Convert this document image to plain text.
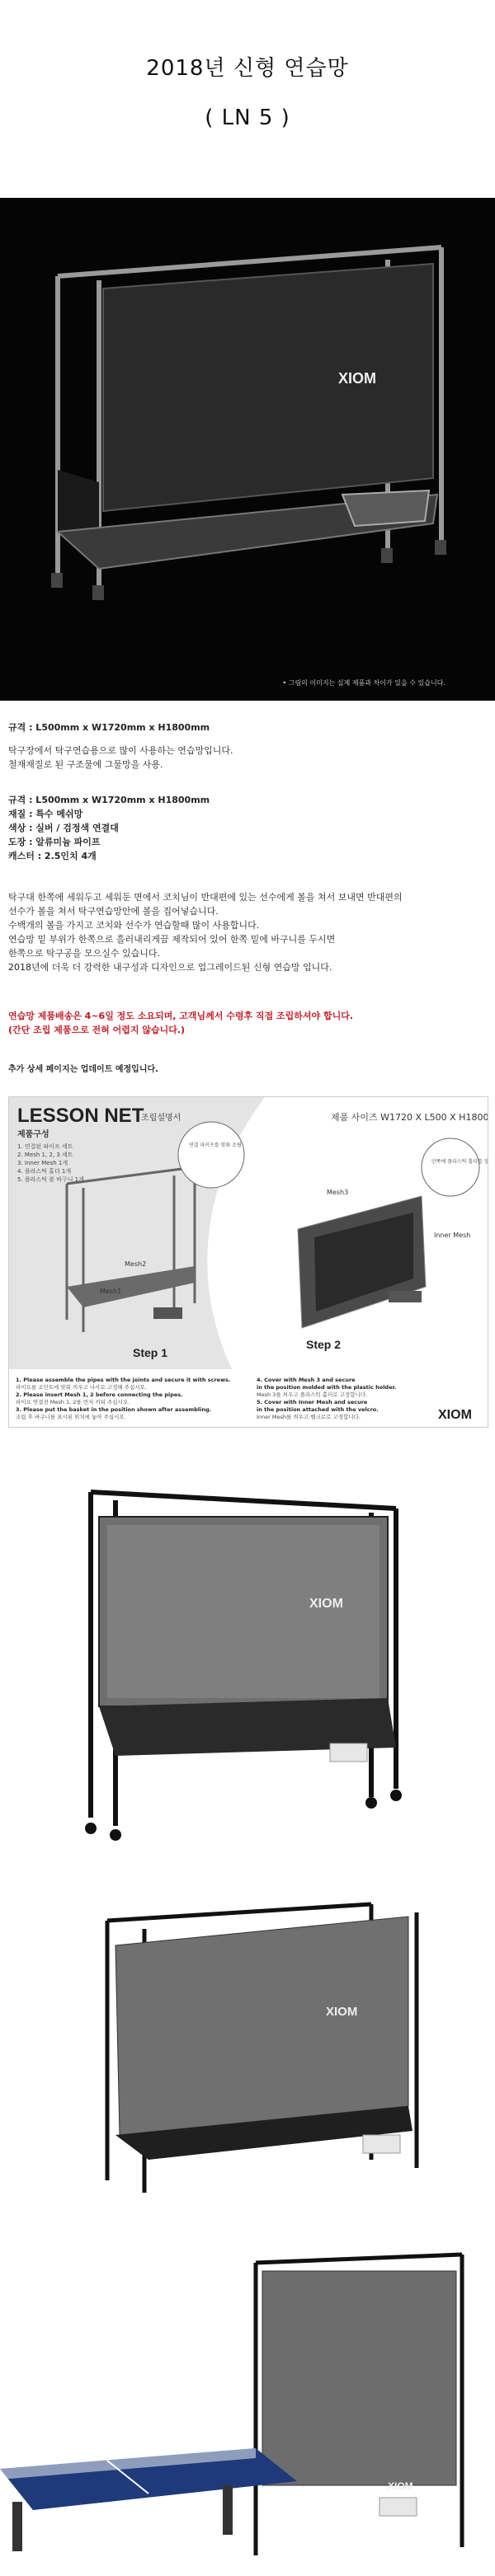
2018년 신형 연습망
( LN 5 )
XIOM
• 그림의 이미지는 실제 제품과 차이가 있을 수 있습니다.
규격 : L500mm x W1720mm x H1800mm
탁구장에서 탁구연습용으로 많이 사용하는 연습망입니다.
철재재질로 된 구조물에 그물망을 사용.
규격 : L500mm x W1720mm x H1800mm
재질 : 특수 메쉬망
색상 : 실버 / 검정색 연결대
도장 : 알류미늄 파이프
캐스터 : 2.5인치 4개
탁구대 한쪽에 세워두고 세워둔 면에서 코치님이 반대편에 있는 선수에게 볼을 쳐서 보내면 반대편의
선수가 볼을 쳐서 탁구연습망안에 볼을 집어넣습니다.
수백개의 볼을 가지고 코치와 선수가 연습할때 많이 사용합니다.
연습망 밑 부위가 한쪽으로 흘러내리게끔 제작되어 있어 한쪽 밑에 바구니를 두시면
한쪽으로 탁구공을 모으실수 있습니다.
2018년에 더욱 더 강력한 내구성과 디자인으로 업그레이드된 신형 연습망 입니다.
연습망 제품배송은 4~6일 정도 소요되며, 고객님께서 수령후 직접 조립하셔야 합니다.
(간단 조립 제품으로 전혀 어렵지 않습니다.)
추가 상세 페이지는 업데이트 예정입니다.
LESSON NET
조립설명서	제품 사이즈 W1720 X L500 X H1800
제품구성
1. 연결된 파이프 세트
2. Mesh 1, 2, 3 세트
3. Inner Mesh 1개
4. 플라스틱 홀더 1개
5. 플라스틱 볼 바구니 1개
Mesh2
Mesh1
Step 1
연결 파이프를 맞춰 조립
Mesh3
Inner Mesh
Step 2
안쪽에 플라스틱 홀더를 장착
1. Please assemble the pipes with the joints and secure it with screws.
파이프를 조인트에 맞춰 끼우고 나사로 고정해 주십시오.
2. Please insert Mesh 1, 2 before connecting the pipes.
파이프 연결전 Mesh 1, 2를 먼저 끼워 주십시오.
3. Please put the basket in the position shown after assembling.
조립 후 바구니를 표시된 위치에 놓아 주십시오.
4. Cover with Mesh 3 and secure
in the position molded with the plastic holder.
Mesh 3를 씌우고 플라스틱 홀더로 고정합니다.
5. Cover with Inner Mesh and secure
in the position attached with the velcro.
Inner Mesh를 씌우고 벨크로로 고정합니다.	XIOM
XIOM
XIOM
XIOM
